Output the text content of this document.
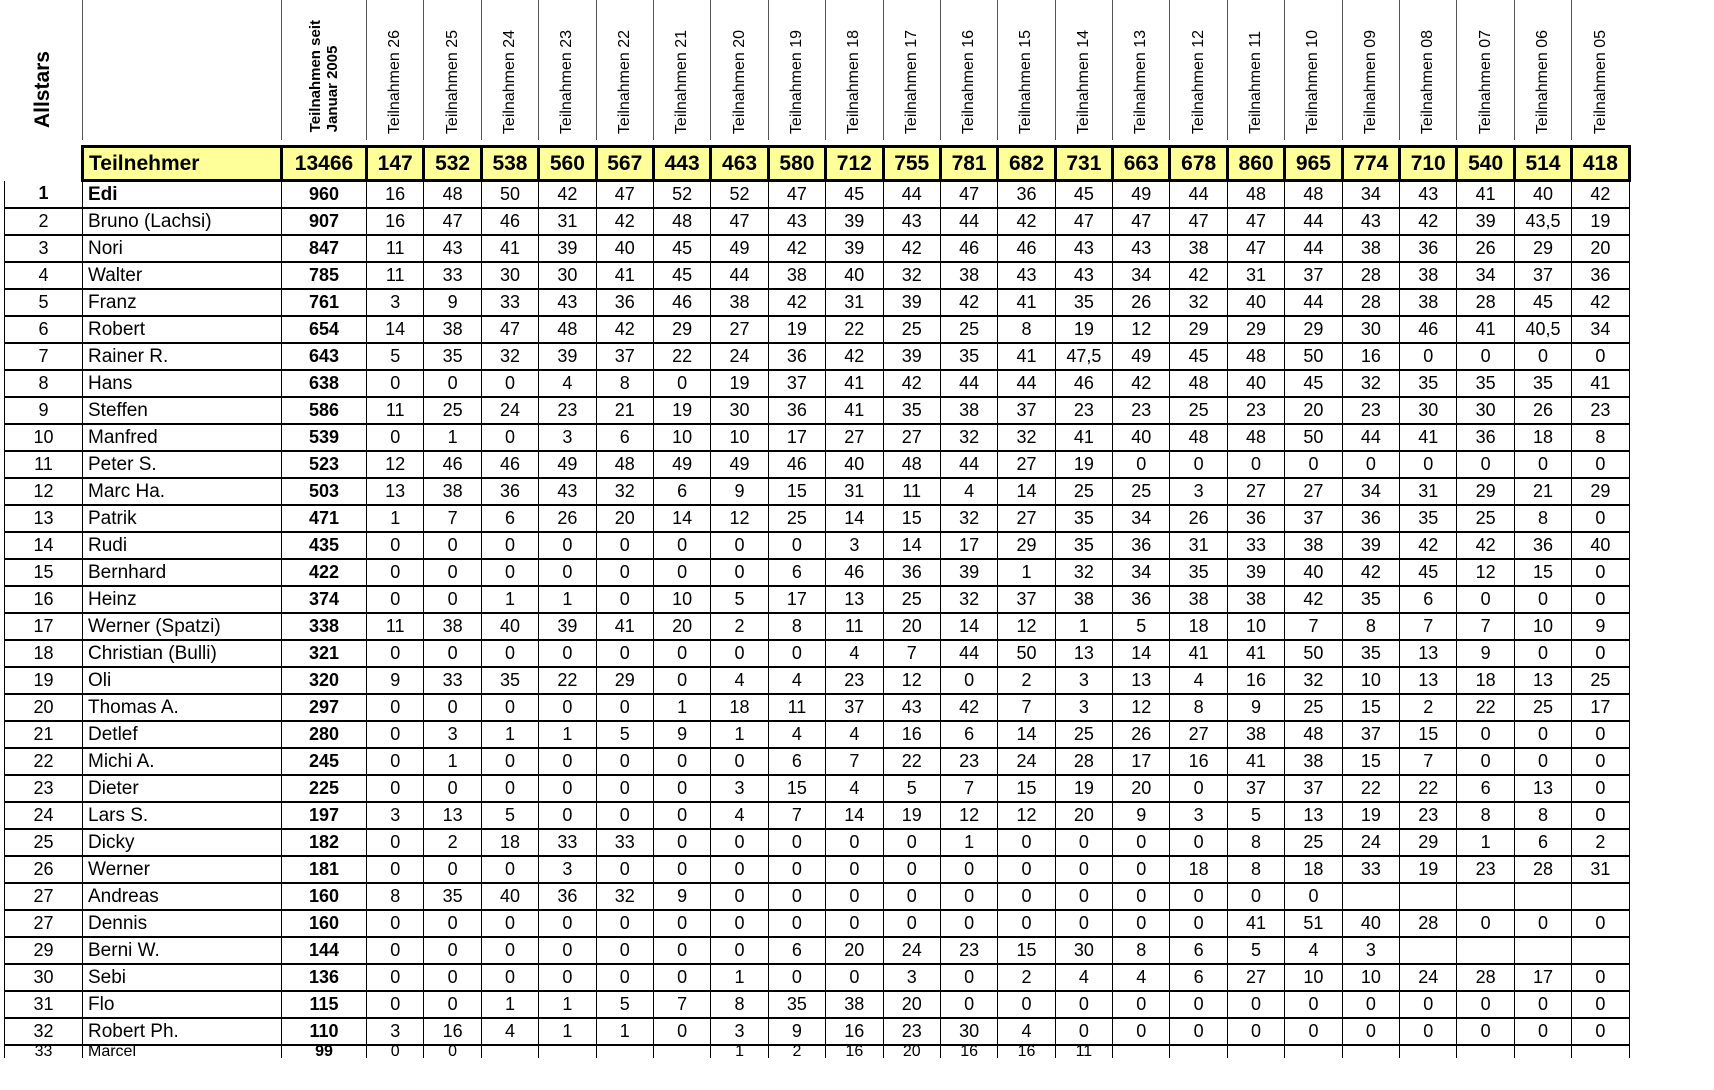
Allstars		Teilnahmen seit
Januar 2005	Teilnahmen 26	Teilnahmen 25	Teilnahmen 24	Teilnahmen 23	Teilnahmen 22	Teilnahmen 21	Teilnahmen 20	Teilnahmen 19	Teilnahmen 18	Teilnahmen 17	Teilnahmen 16	Teilnahmen 15	Teilnahmen 14	Teilnahmen 13	Teilnahmen 12	Teilnahmen 11	Teilnahmen 10	Teilnahmen 09	Teilnahmen 08	Teilnahmen 07	Teilnahmen 06	Teilnahmen 05

	Teilnehmer	13466	147	532	538	560	567	443	463	580	712	755	781	682	731	663	678	860	965	774	710	540	514	418
1	Edi	960	16	48	50	42	47	52	52	47	45	44	47	36	45	49	44	48	48	34	43	41	40	42
2	Bruno (Lachsi)	907	16	47	46	31	42	48	47	43	39	43	44	42	47	47	47	47	44	43	42	39	43,5	19
3	Nori	847	11	43	41	39	40	45	49	42	39	42	46	46	43	43	38	47	44	38	36	26	29	20
4	Walter	785	11	33	30	30	41	45	44	38	40	32	38	43	43	34	42	31	37	28	38	34	37	36
5	Franz	761	3	9	33	43	36	46	38	42	31	39	42	41	35	26	32	40	44	28	38	28	45	42
6	Robert	654	14	38	47	48	42	29	27	19	22	25	25	8	19	12	29	29	29	30	46	41	40,5	34
7	Rainer R.	643	5	35	32	39	37	22	24	36	42	39	35	41	47,5	49	45	48	50	16	0	0	0	0
8	Hans	638	0	0	0	4	8	0	19	37	41	42	44	44	46	42	48	40	45	32	35	35	35	41
9	Steffen	586	11	25	24	23	21	19	30	36	41	35	38	37	23	23	25	23	20	23	30	30	26	23
10	Manfred	539	0	1	0	3	6	10	10	17	27	27	32	32	41	40	48	48	50	44	41	36	18	8
11	Peter S.	523	12	46	46	49	48	49	49	46	40	48	44	27	19	0	0	0	0	0	0	0	0	0
12	Marc Ha.	503	13	38	36	43	32	6	9	15	31	11	4	14	25	25	3	27	27	34	31	29	21	29
13	Patrik	471	1	7	6	26	20	14	12	25	14	15	32	27	35	34	26	36	37	36	35	25	8	0
14	Rudi	435	0	0	0	0	0	0	0	0	3	14	17	29	35	36	31	33	38	39	42	42	36	40
15	Bernhard	422	0	0	0	0	0	0	0	6	46	36	39	1	32	34	35	39	40	42	45	12	15	0
16	Heinz	374	0	0	1	1	0	10	5	17	13	25	32	37	38	36	38	38	42	35	6	0	0	0
17	Werner (Spatzi)	338	11	38	40	39	41	20	2	8	11	20	14	12	1	5	18	10	7	8	7	7	10	9
18	Christian (Bulli)	321	0	0	0	0	0	0	0	0	4	7	44	50	13	14	41	41	50	35	13	9	0	0
19	Oli	320	9	33	35	22	29	0	4	4	23	12	0	2	3	13	4	16	32	10	13	18	13	25
20	Thomas A.	297	0	0	0	0	0	1	18	11	37	43	42	7	3	12	8	9	25	15	2	22	25	17
21	Detlef	280	0	3	1	1	5	9	1	4	4	16	6	14	25	26	27	38	48	37	15	0	0	0
22	Michi A.	245	0	1	0	0	0	0	0	6	7	22	23	24	28	17	16	41	38	15	7	0	0	0
23	Dieter	225	0	0	0	0	0	0	3	15	4	5	7	15	19	20	0	37	37	22	22	6	13	0
24	Lars S.	197	3	13	5	0	0	0	4	7	14	19	12	12	20	9	3	5	13	19	23	8	8	0
25	Dicky	182	0	2	18	33	33	0	0	0	0	0	1	0	0	0	0	8	25	24	29	1	6	2
26	Werner	181	0	0	0	3	0	0	0	0	0	0	0	0	0	0	18	8	18	33	19	23	28	31
27	Andreas	160	8	35	40	36	32	9	0	0	0	0	0	0	0	0	0	0	0					
27	Dennis	160	0	0	0	0	0	0	0	0	0	0	0	0	0	0	0	41	51	40	28	0	0	0
29	Berni W.	144	0	0	0	0	0	0	0	6	20	24	23	15	30	8	6	5	4	3				
30	Sebi	136	0	0	0	0	0	0	1	0	0	3	0	2	4	4	6	27	10	10	24	28	17	0
31	Flo	115	0	0	1	1	5	7	8	35	38	20	0	0	0	0	0	0	0	0	0	0	0	0
32	Robert Ph.	110	3	16	4	1	1	0	3	9	16	23	30	4	0	0	0	0	0	0	0	0	0	0
33	Marcel	99	0	0					1	2	16	20	16	16	11									
